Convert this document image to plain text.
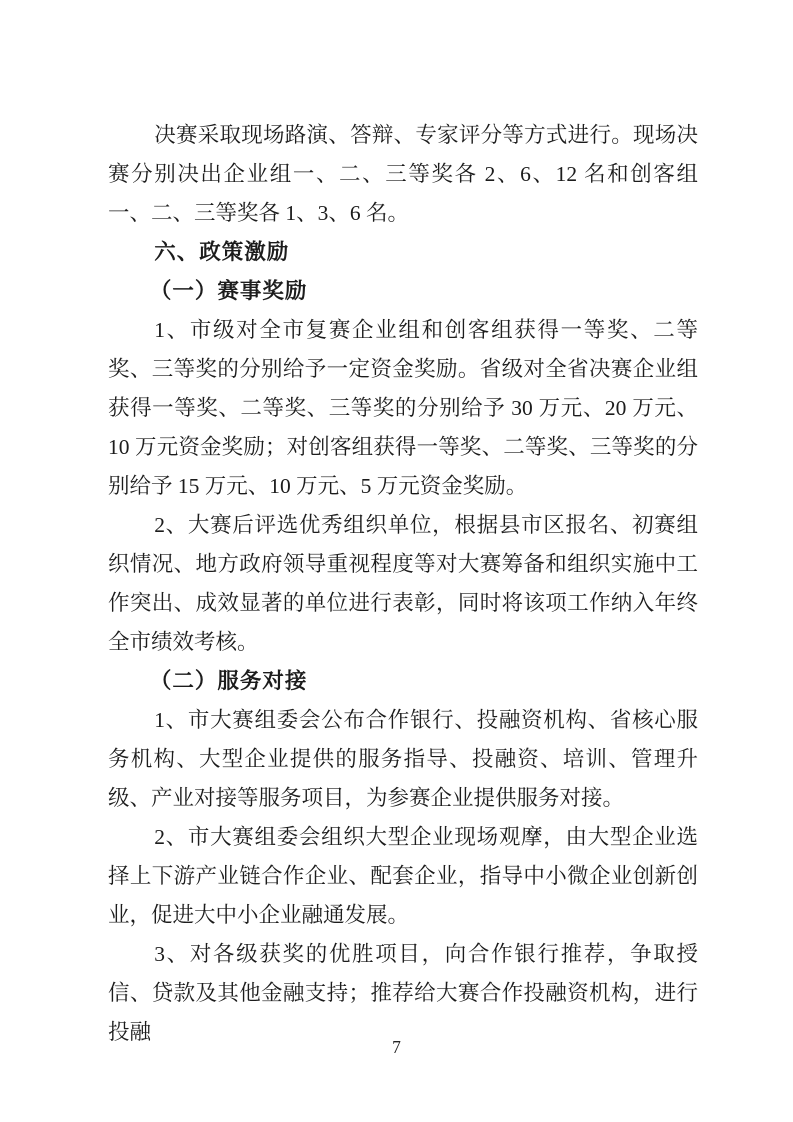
决赛采取现场路演、答辩、专家评分等方式进行。现场决赛分别决出企业组一、二、三等奖各 2、6、12 名和创客组一、二、三等奖各 1、3、6 名。

六、政策激励
（一）赛事奖励

1、市级对全市复赛企业组和创客组获得一等奖、二等奖、三等奖的分别给予一定资金奖励。省级对全省决赛企业组获得一等奖、二等奖、三等奖的分别给予 30 万元、20 万元、10 万元资金奖励；对创客组获得一等奖、二等奖、三等奖的分别给予 15 万元、10 万元、5 万元资金奖励。

2、大赛后评选优秀组织单位，根据县市区报名、初赛组织情况、地方政府领导重视程度等对大赛筹备和组织实施中工作突出、成效显著的单位进行表彰，同时将该项工作纳入年终全市绩效考核。

（二）服务对接

1、市大赛组委会公布合作银行、投融资机构、省核心服务机构、大型企业提供的服务指导、投融资、培训、管理升级、产业对接等服务项目，为参赛企业提供服务对接。

2、市大赛组委会组织大型企业现场观摩，由大型企业选择上下游产业链合作企业、配套企业，指导中小微企业创新创业，促进大中小企业融通发展。

3、对各级获奖的优胜项目，向合作银行推荐，争取授信、贷款及其他金融支持；推荐给大赛合作投融资机构，进行投融

7
